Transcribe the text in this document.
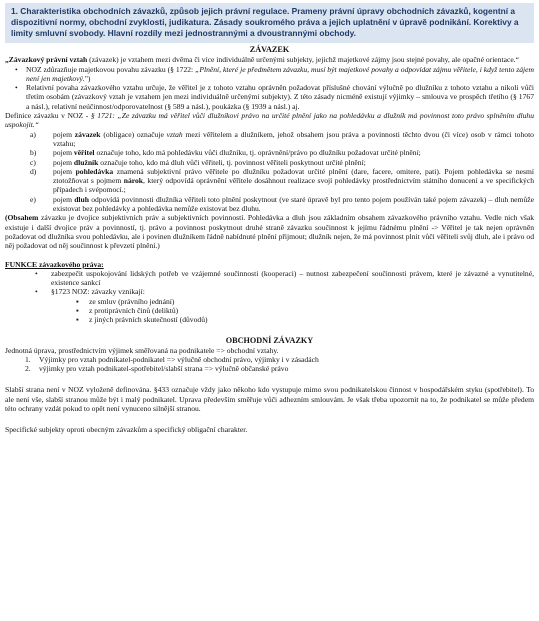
1. Charakteristika obchodních závazků, způsob jejich právní regulace. Prameny právní úpravy obchodních závazků, kogentní a dispozitivní normy, obchodní zvyklosti, judikatura. Zásady soukromého práva a jejich uplatnění v úpravě podnikání. Korektivy a limity smluvní svobody. Hlavní rozdíly mezi jednostrannými a dvoustrannými obchody.
ZÁVAZEK

„Závazkový právní vztah (závazek) je vztahem mezi dvěma či více individuálně určenými subjekty, jejichž majetkové zájmy jsou stejné povahy, ale opačné orientace.“

• NOZ zdůrazňuje majetkovou povahu závazku (§ 1722: „Plnění, které je předmětem závazku, musí být majetkové povahy a odpovídat zájmu věřitele, i když tento zájem není jen majetkový.")
• Relativní povaha závazkového vztahu určuje, že věřitel je z tohoto vztahu oprávněn požadovat příslušné chování výlučně po dlužníku z tohoto vztahu a nikoli vůči třetím osobám (závazkový vztah je vztahem jen mezi individuálně určenými subjekty). Z této zásady nicméně existují výjimky – smlouva ve prospěch třetího (§ 1767 a násl.), relativní neúčinnost/odporovatelnost (§ 589 a násl.), poukázka (§ 1939 a násl.) aj.

Definice závazku v NOZ - § 1721: „Ze závazku má věřitel vůči dlužníkovi právo na určité plnění jako na pohledávku a dlužník má povinnost toto právo splněním dluhu uspokojit.“

a) pojem závazek (obligace) označuje vztah mezi věřitelem a dlužníkem, jehož obsahem jsou práva a povinnosti těchto dvou (či více) osob v rámci tohoto vztahu;
b) pojem věřitel označuje toho, kdo má pohledávku vůči dlužníku, tj. oprávnění/právo po dlužníku požadovat určité plnění;
c) pojem dlužník označuje toho, kdo má dluh vůči věřiteli, tj. povinnost věřiteli poskytnout určité plnění;
d) pojem pohledávka znamená subjektivní právo věřitele po dlužníku požadovat určité plnění (dare, facere, omitere, pati). Pojem pohledávka se nesmí ztotožňovat s pojmem nárok, který odpovídá oprávnění věřitele dosáhnout realizace svojí pohledávky prostřednictvím státního donucení a ve specifických případech i svépomocí.;
e) pojem dluh odpovídá povinnosti dlužníka věřiteli toto plnění poskytnout (ve staré úpravě byl pro tento pojem používán také pojem závazek) – dluh nemůže existovat bez pohledávky a pohledávka nemůže existovat bez dluhu.

(Obsahem závazku je dvojice subjektivních práv a subjektivních povinností. Pohledávka a dluh jsou základním obsahem závazkového právního vztahu. Vedle nich však existuje i další dvojice práv a povinností, tj. právo a povinnost poskytnout druhé straně závazku součinnost k jejímu řádnému plnění -> Věřitel je tak nejen oprávněn požadovat od dlužníka svou pohledávku, ale i povinen dlužníkem řádně nabídnuté plnění přijmout; dlužník nejen, že má povinnost plnit vůči věřiteli svůj dluh, ale i právo od něj požadovat od něj součinnost k převzetí plnění.)

FUNKCE závazkového práva:

• zabezpečit uspokojování lidských potřeb ve vzájemné součinnosti (kooperaci) – nutnost zabezpečení součinnosti právem, které je závazné a vynutitelné, existence sankcí
• §1723 NOZ: závazky vznikají:
▪ ze smluv (právního jednání)
▪ z protiprávních činů (deliktů)
▪ z jiných právních skutečností (důvodů)
OBCHODNÍ ZÁVAZKY

Jednotná úprava, prostřednictvím výjimek směřovaná na podnikatele => obchodní vztahy.

1. Výjimky pro vztah podnikatel-podnikatel => výlučně obchodní právo, výjimky i v zásadách
2. výjimky pro vztah podnikatel-spotřebitel/slabší strana => výlučně občanské právo

Slabší strana není v NOZ vyloženě definována. §433 označuje vždy jako někoho kdo vystupuje mimo svou podnikatelskou činnost v hospodářském styku (spotřebitel). To ale není vše, slabší stranou může být i malý podnikatel. Uprava především směřuje vůči adhezním smlouvám. Je však třeba upozornit na to, že podnikatel se může předem této ochrany vzdát pokud to opět není vynuceno silnější stranou.

Specifické subjekty oproti obecným závazkům a specifický obligační charakter.
